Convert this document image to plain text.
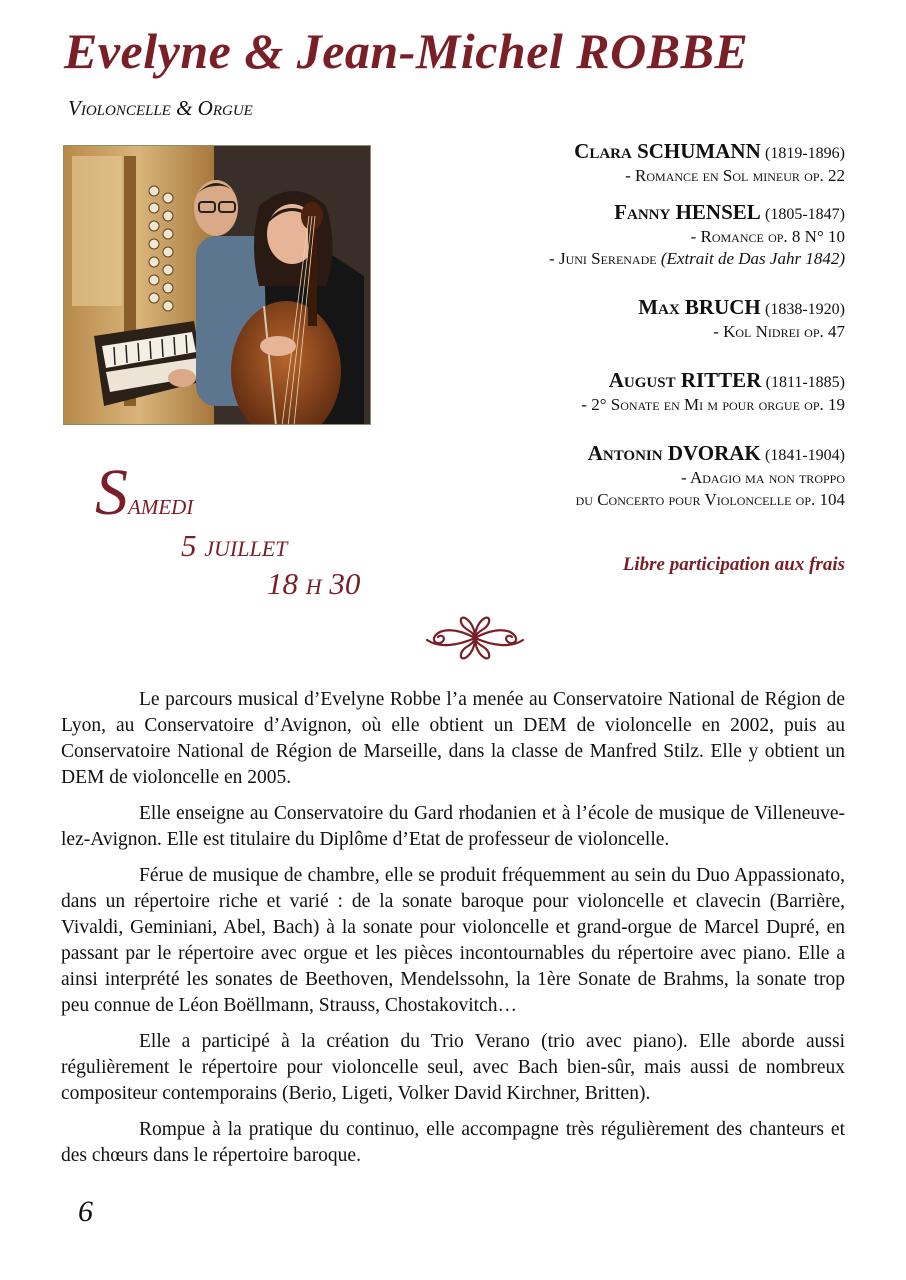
Evelyne & Jean-Michel ROBBE
Violoncelle & Orgue
Clara SCHUMANN (1819-1896)
- Romance en Sol mineur op. 22
Fanny HENSEL (1805-1847)
- Romance op. 8 N° 10
- Juni Serenade (Extrait de Das Jahr 1842)
Max BRUCH (1838-1920)
- Kol Nidrei op. 47
August RITTER (1811-1885)
- 2° Sonate en Mi m pour orgue op. 19
Antonin DVORAK (1841-1904)
- Adagio ma non troppo
du Concerto pour Violoncelle op. 104
Samedi
5 juillet
18 h 30
Libre participation aux frais

Le parcours musical d’Evelyne Robbe l’a menée au Conservatoire National de Région de Lyon, au Conservatoire d’Avignon, où elle obtient un DEM de violoncelle en 2002, puis au Conservatoire National de Région de Marseille, dans la classe de Manfred Stilz. Elle y obtient un DEM de violoncelle en 2005.

Elle enseigne au Conservatoire du Gard rhodanien et à l’école de musique de Villeneuve-lez-Avignon. Elle est titulaire du Diplôme d’Etat de professeur de violoncelle.

Férue de musique de chambre, elle se produit fréquemment au sein du Duo Appassionato, dans un répertoire riche et varié : de la sonate baroque pour violoncelle et clavecin (Barrière, Vivaldi, Geminiani, Abel, Bach) à la sonate pour violoncelle et grand-orgue de Marcel Dupré, en passant par le répertoire avec orgue et les pièces incontournables du répertoire avec piano. Elle a ainsi interprété les sonates de Beethoven, Mendelssohn, la 1ère Sonate de Brahms, la sonate trop peu connue de Léon Boëllmann, Strauss, Chostakovitch…

Elle a participé à la création du Trio Verano (trio avec piano). Elle aborde aussi régulièrement le répertoire pour violoncelle seul, avec Bach bien-sûr, mais aussi de nombreux compositeur contemporains (Berio, Ligeti, Volker David Kirchner, Britten).

Rompue à la pratique du continuo, elle accompagne très régulièrement des chanteurs et des chœurs dans le répertoire baroque.

6
